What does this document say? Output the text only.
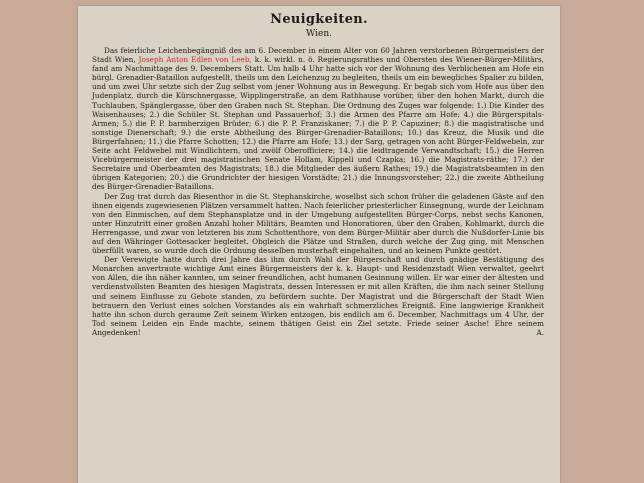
Neuigkeiten.
Wien.

Das feierliche Leichenbegängniß des am 6. December in einem Alter von 60 Jahren verstorbenen Bürgermeisters der Stadt Wien, Joseph Anton Edlen von Leeb, k. k. wirkl. n. ö. Regierungsrathes und Obersten des Wiener-Bürger-Militärs, fand am Nachmittage des 9. Decembers Statt. Um halb 4 Uhr hatte sich vor der Wohnung des Verblichenen am Hofe ein bürgl. Grenadier-Bataillon aufgestellt, theils um den Leichenzug zu begleiten, theils um ein bewegliches Spalier zu bilden, und um zwei Uhr setzte sich der Zug selbst vom jener Wohnung aus in Bewegung. Er begab sich vom Hofe aus über den Judenplatz, durch die Kürschnergasse, Wipplingerstraße, an dem Rathhause vorüber, über den hohen Markt, durch die Tuchlauben, Spänglergasse, über den Graben nach St. Stephan. Die Ordnung des Zuges war folgende: 1.) Die Kinder des Waisenhauses; 2.) die Schüler St. Stephan und Passauerhof; 3.) die Armen des Pfarre am Hofe; 4.) die Bürgerspitals-Armen; 5.) die P. P. barmherzigen Brüder; 6.) die P. P. Franziskaner; 7.) die P. P. Capuziner; 8.) die magistratische und sonstige Dienerschaft; 9.) die erste Abtheilung des Bürger-Grenadier-Bataillons; 10.) das Kreuz, die Musik und die Bürgerfahnen; 11.) die Pfarre Schotten; 12.) die Pfarre am Hofe; 13.) der Sarg, getragen von acht Bürger-Feldwebeln, zur Seite acht Feldwebel mit Windlichtern, und zwölf Oberofficiere; 14.) die leidtragende Verwandtschaft; 15.) die Herren Vicebürgermeister der drei magistratischen Senate Hollam, Kippell und Czapka; 16.) die Magistrats-räthe; 17.) der Secretaire und Oberbeamten des Magistrats; 18.) die Mitglieder des äußern Rathes; 19.) die Magistratsbeamten in den übrigen Kategorien; 20.) die Grundrichter der hiesigen Vorstädte; 21.) die Innungsvorsteher; 22.) die zweite Abtheilung des Bürger-Grenadier-Bataillons.

Der Zug trat durch das Riesenthor in die St. Stephanskirche, woselbst sich schon früher die geladenen Gäste auf den ihnen eigends zugewiesenen Plätzen versammelt hatten. Nach feierlicher priesterlicher Einsegnung, wurde der Leichnam von den Einmischen, auf dem Stephansplatze und in der Umgebung aufgestellten Bürger-Corps, nebst sechs Kanonen, unter Hinzutritt einer großen Anzahl hoher Militärs, Beamten und Honoratioren, über den Graben, Kohlmarkt, durch die Herrengasse, und zwar von letzteren bis zum Schottenthore, von dem Bürger-Militär aber durch die Nußdorfer-Linie bis auf den Währinger Gottesacker begleitet. Obgleich die Plätze und Straßen, durch welche der Zug ging, mit Menschen überfüllt waren, so wurde doch die Ordnung desselben musterhaft eingehalten, und an keinem Punkte gestört.

Der Verewigte hatte durch drei Jahre das ihm durch Wahl der Bürgerschaft und durch gnädige Bestätigung des Monarchen anvertraute wichtige Amt eines Bürgermeisters der k. k. Haupt- und Residenzstadt Wien verwaltet, geehrt von Allen, die ihn näher kannten, um seiner freundlichen, acht humanen Gesinnung willen. Er war einer der ältesten und verdienstvollsten Beamten des hiesigen Magistrats, dessen Interessen er mit allen Kräften, die ihm nach seiner Stellung und seinem Einflusse zu Gebote standen, zu befördern suchte. Der Magistrat und die Bürgerschaft der Stadt Wien betrauern den Verlust eines solchen Vorstandes als ein wahrhaft schmerzliches Ereigniß. Eine langwierige Krankheit hatte ihn schon durch geraume Zeit seinem Wirken entzogen, bis endlich am 6. December, Nachmittags um 4 Uhr, der Tod seinem Leiden ein Ende machte, seinem thätigen Geist ein Ziel setzte. Friede seiner Asche! Ehre seinem Angedenken!	A.
